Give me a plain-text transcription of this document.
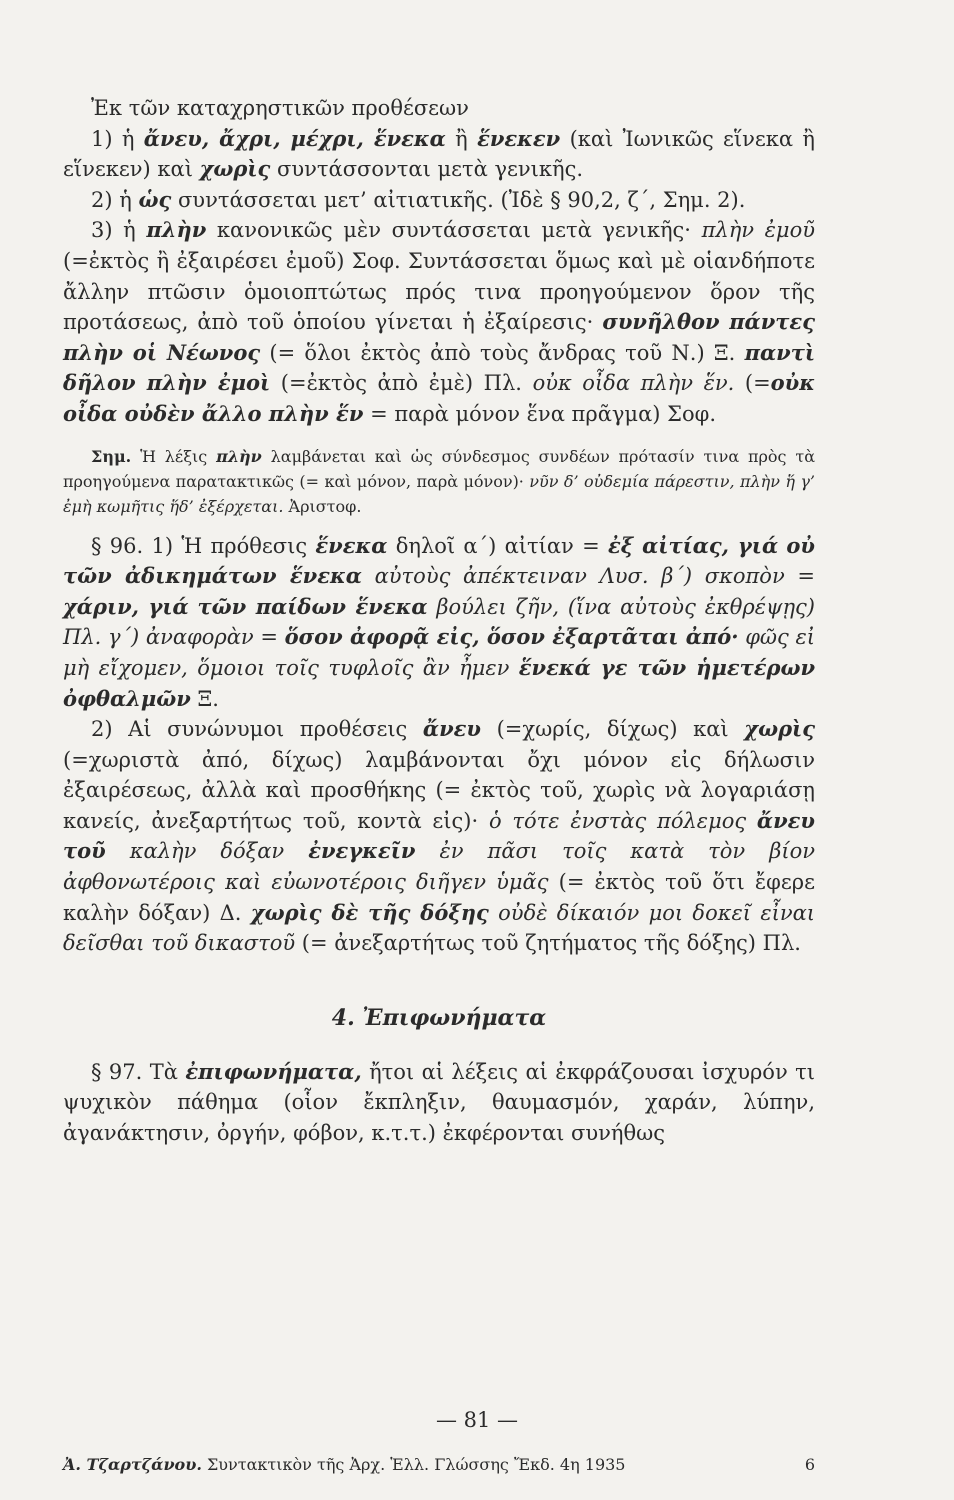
Ἐκ τῶν καταχρηστικῶν προθέσεων

1) ἡ ἄνευ, ἄχρι, μέχρι, ἕνεκα ἢ ἕνεκεν (καὶ Ἰωνικῶς εἵνεκα ἢ εἵνεκεν) καὶ χωρὶς συντάσσονται μετὰ γενικῆς.

2) ἡ ὡς συντάσσεται μετ’ αἰτιατικῆς. (Ἰδὲ § 90,2, ζ΄, Σημ. 2).

3) ἡ πλὴν κανονικῶς μὲν συντάσσεται μετὰ γενικῆς· πλὴν ἐμοῦ (=ἐκτὸς ἢ ἐξαιρέσει ἐμοῦ) Σοφ. Συντάσσεται ὅμως καὶ μὲ οἱανδήποτε ἄλλην πτῶσιν ὁμοιοπτώτως πρός τινα προηγούμενον ὅρον τῆς προτάσεως, ἀπὸ τοῦ ὁποίου γίνεται ἡ ἐξαίρεσις· συνῆλθον πάντες πλὴν οἱ Νέωνος (= ὅλοι ἐκτὸς ἀπὸ τοὺς ἄνδρας τοῦ Ν.) Ξ. παντὶ δῆλον πλὴν ἐμοὶ (=ἐκτὸς ἀπὸ ἐμὲ) Πλ. οὐκ οἶδα πλὴν ἕν. (=οὐκ οἶδα οὐδὲν ἄλλο πλὴν ἕν = παρὰ μόνον ἕνα πρᾶγμα) Σοφ.

Σημ. Ἡ λέξις πλὴν λαμβάνεται καὶ ὡς σύνδεσμος συνδέων πρότασίν τινα πρὸς τὰ προηγούμενα παρατακτικῶς (= καὶ μόνον, παρὰ μόνον)· νῦν δ’ οὐδεμία πάρεστιν, πλὴν ἥ γ’ ἐμὴ κωμῆτις ἥδ’ ἐξέρχεται. Ἀριστοφ.

§ 96. 1) Ἡ πρόθεσις ἕνεκα δηλοῖ α΄) αἰτίαν = ἐξ αἰτίας, γιά οὐ τῶν ἀδικημάτων ἕνεκα αὐτοὺς ἀπέκτειναν Λυσ. β΄) σκοπὸν = χάριν, γιά τῶν παίδων ἕνεκα βούλει ζῆν, (ἵνα αὐτοὺς ἐκθρέψῃς) Πλ. γ΄) ἀναφορὰν = ὅσον ἀφορᾷ εἰς, ὅσον ἐξαρτᾶται ἀπό· φῶς εἰ μὴ εἴχομεν, ὅμοιοι τοῖς τυφλοῖς ἂν ἦμεν ἕνεκά γε τῶν ἡμετέρων ὀφθαλμῶν Ξ.

2) Αἱ συνώνυμοι προθέσεις ἄνευ (=χωρίς, δίχως) καὶ χωρὶς (=χωριστὰ ἀπό, δίχως) λαμβάνονται ὄχι μόνον εἰς δήλωσιν ἐξαιρέσεως, ἀλλὰ καὶ προσθήκης (= ἐκτὸς τοῦ, χωρὶς νὰ λογαριάσῃ κανείς, ἀνεξαρτήτως τοῦ, κοντὰ εἰς)· ὁ τότε ἐνστὰς πόλεμος ἄνευ τοῦ καλὴν δόξαν ἐνεγκεῖν ἐν πᾶσι τοῖς κατὰ τὸν βίον ἀφθονωτέροις καὶ εὐωνοτέροις διῆγεν ὑμᾶς (= ἐκτὸς τοῦ ὅτι ἔφερε καλὴν δόξαν) Δ. χωρὶς δὲ τῆς δόξης οὐδὲ δίκαιόν μοι δοκεῖ εἶναι δεῖσθαι τοῦ δικαστοῦ (= ἀνεξαρτήτως τοῦ ζητήματος τῆς δόξης) Πλ.

4. Ἐπιφωνήματα

§ 97. Τὰ ἐπιφωνήματα, ἤτοι αἱ λέξεις αἱ ἐκφράζουσαι ἰσχυρόν τι ψυχικὸν πάθημα (οἷον ἔκπληξιν, θαυμασμόν, χαράν, λύπην, ἀγανάκτησιν, ὀργήν, φόβον, κ.τ.τ.) ἐκφέρονται συνήθως

— 81 —
Ἀ. Τζαρτζάνου. Συντακτικὸν τῆς Ἀρχ. Ἑλλ. Γλώσσης Ἔκδ. 4η 1935	6
